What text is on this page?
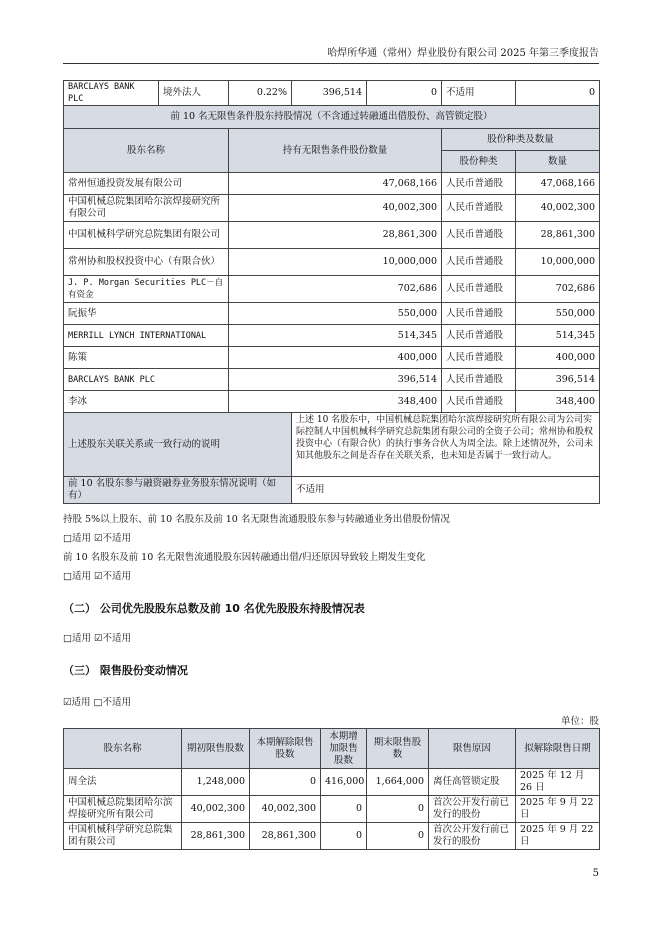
哈焊所华通（常州）焊业股份有限公司 2025 年第三季度报告
BARCLAYS BANK PLC	境外法人	0.22%	396,514	0	不适用	0
前 10 名无限售条件股东持股情况（不含通过转融通出借股份、高管锁定股）						
股东名称		持有无限售条件股份数量			股份种类及数量	
					股份种类	数量
常州恒通投资发展有限公司		47,068,166			人民币普通股	47,068,166
中国机械总院集团哈尔滨焊接研究所有限公司		40,002,300			人民币普通股	40,002,300
中国机械科学研究总院集团有限公司		28,861,300			人民币普通股	28,861,300
常州协和股权投资中心（有限合伙）		10,000,000			人民币普通股	10,000,000
J. P. Morgan Securities PLC－自有资金		702,686			人民币普通股	702,686
阮振华		550,000			人民币普通股	550,000
MERRILL LYNCH INTERNATIONAL		514,345			人民币普通股	514,345
陈策		400,000			人民币普通股	400,000
BARCLAYS BANK PLC		396,514			人民币普通股	396,514
李冰		348,400			人民币普通股	348,400
上述股东关联关系或一致行动的说明			上述 10 名股东中，中国机械总院集团哈尔滨焊接研究所有限公司为公司实际控制人中国机械科学研究总院集团有限公司的全资子公司；常州协和股权投资中心（有限合伙）的执行事务合伙人为周全法。除上述情况外，公司未知其他股东之间是否存在关联关系，也未知是否属于一致行动人。			
前 10 名股东参与融资融券业务股东情况说明（如有）			不适用			
持股 5%以上股东、前 10 名股东及前 10 名无限售流通股股东参与转融通业务出借股份情况
□适用 ☑不适用
前 10 名股东及前 10 名无限售流通股股东因转融通出借/归还原因导致较上期发生变化
□适用 ☑不适用
（二） 公司优先股股东总数及前 10 名优先股股东持股情况表
□适用 ☑不适用
（三） 限售股份变动情况
☑适用 □不适用
单位：股
股东名称	期初限售股数	本期解除限售股数	本期增加限售股数	期末限售股数	限售原因	拟解除限售日期
周全法	1,248,000	0	416,000	1,664,000	离任高管锁定股	2025 年 12 月 26 日
中国机械总院集团哈尔滨焊接研究所有限公司	40,002,300	40,002,300	0	0	首次公开发行前已发行的股份	2025 年 9 月 22 日
中国机械科学研究总院集团有限公司	28,861,300	28,861,300	0	0	首次公开发行前已发行的股份	2025 年 9 月 22 日
5
